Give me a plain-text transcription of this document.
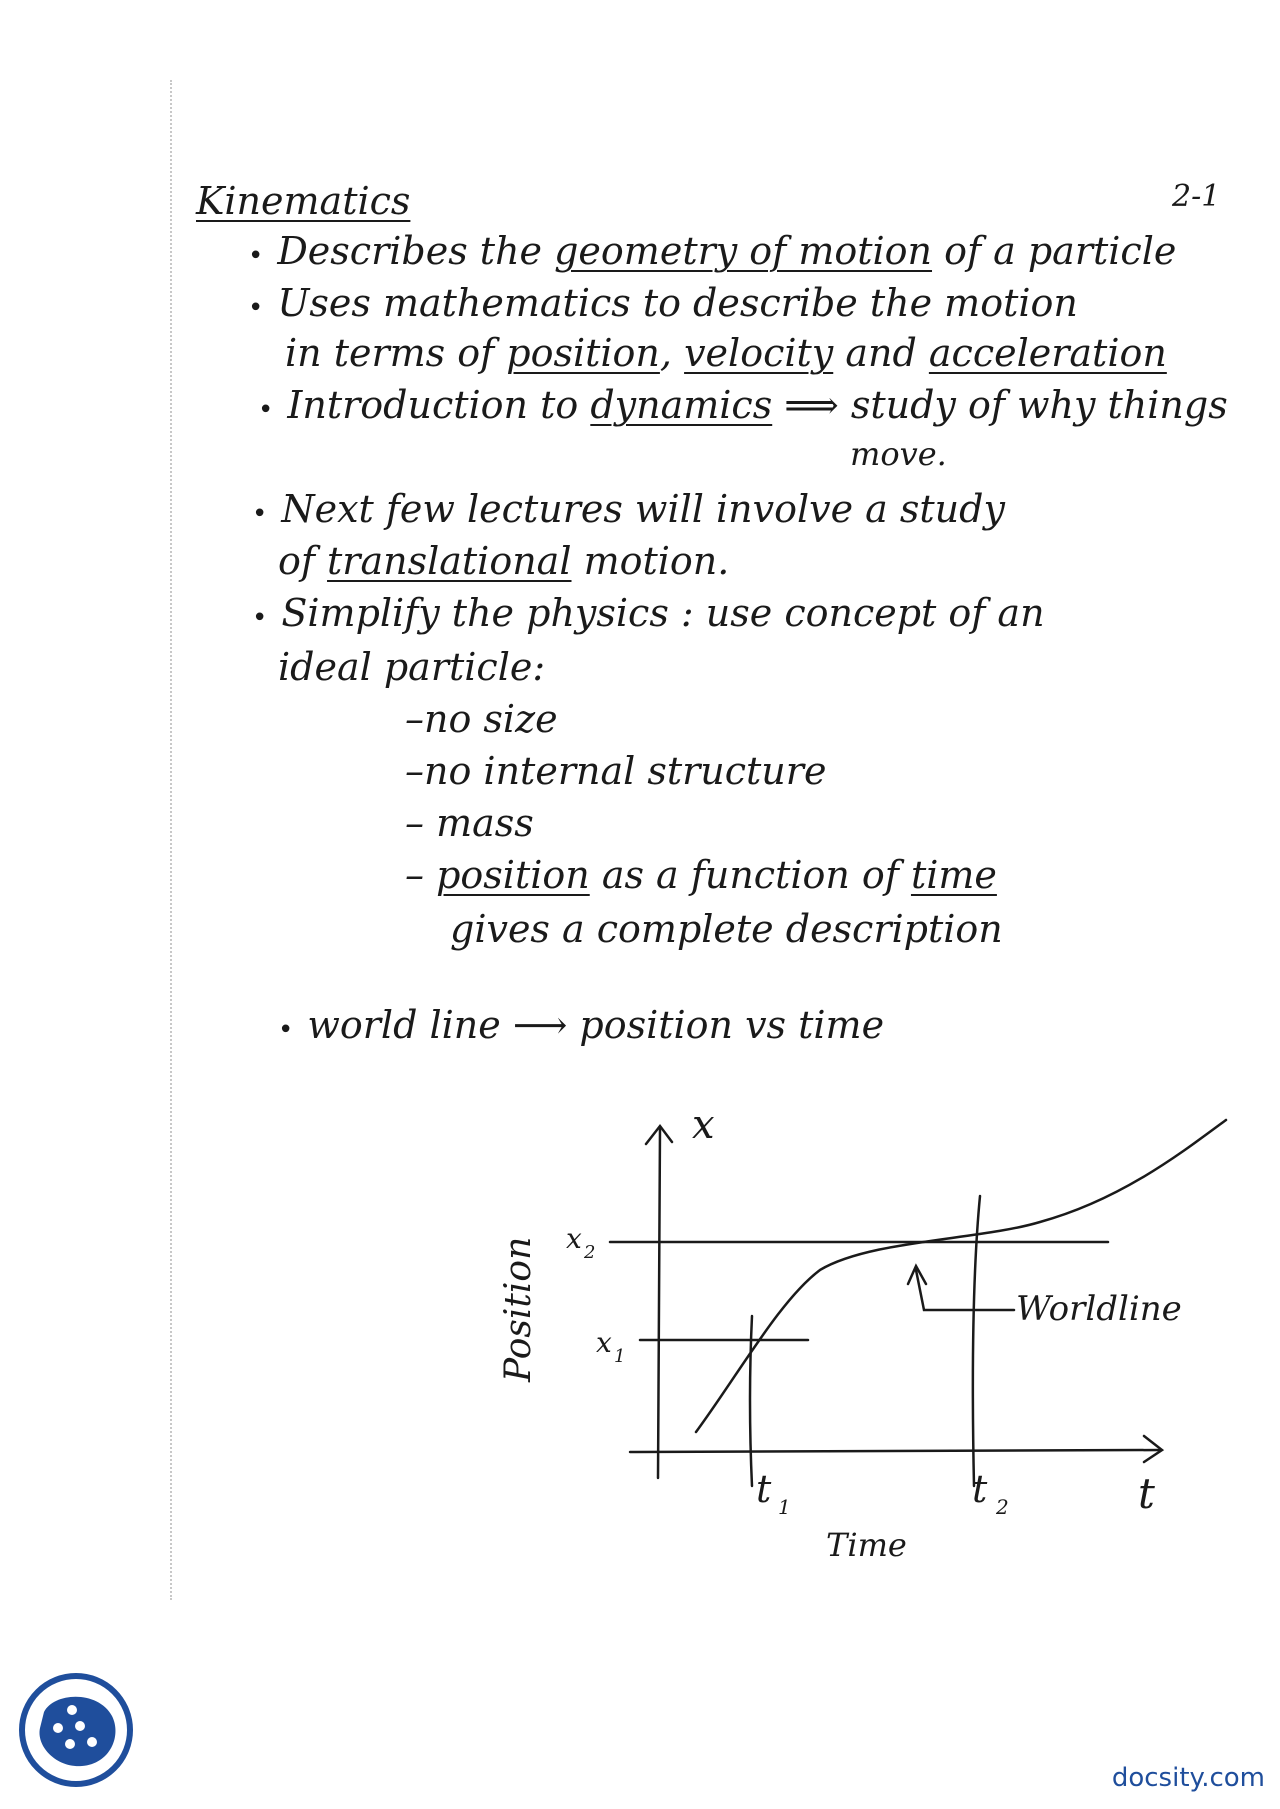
Kinematics	2-1
• Describes the geometry of motion of a particle
• Uses mathematics to describe the motion
in terms of position, velocity and acceleration
• Introduction to dynamics ⟹ study of why things
move.
• Next few lectures will involve a study
of translational motion.
• Simplify the physics : use concept of an
ideal particle:
–no size
–no internal structure
– mass
– position as a function of time
gives a complete description
• world line ⟶ position vs time
x
t
Position
Time
x 2
x 1
t 1	t 2
Worldline
docsity.com
